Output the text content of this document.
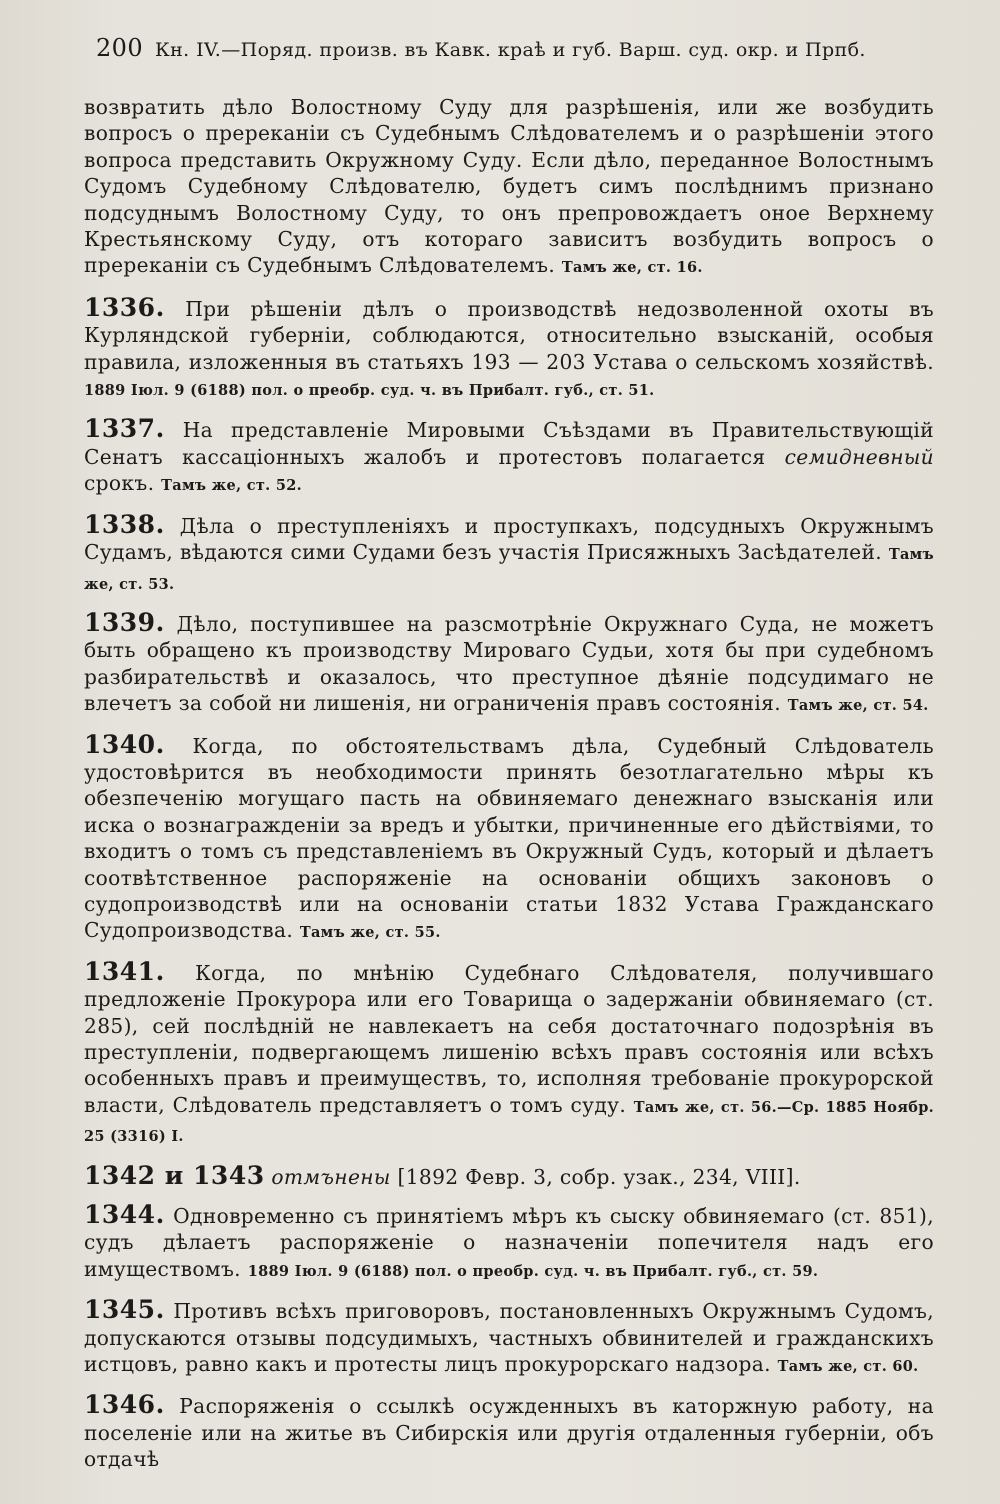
200 Кн. IV.—Поряд. произв. въ Кавк. краѣ и губ. Варш. суд. окр. и Прпб.

возвратить дѣло Волостному Суду для разрѣшенія, или же возбудить вопросъ о пререканіи съ Судебнымъ Слѣдователемъ и о разрѣшеніи этого вопроса представить Окружному Суду. Если дѣло, переданное Волостнымъ Судомъ Судебному Слѣдователю, будетъ симъ послѣднимъ признано подсуднымъ Волостному Суду, то онъ препровождаетъ оное Верхнему Крестьянскому Суду, отъ котораго зависитъ возбудить вопросъ о пререканіи съ Судебнымъ Слѣдователемъ. Тамъ же, ст. 16.

1336. При рѣшеніи дѣлъ о производствѣ недозволенной охоты въ Курляндской губерніи, соблюдаются, относительно взысканій, особыя правила, изложенныя въ статьяхъ 193 — 203 Устава о сельскомъ хозяйствѣ. 1889 Іюл. 9 (6188) пол. о преобр. суд. ч. въ Прибалт. губ., ст. 51.

1337. На представленіе Мировыми Съѣздами въ Правительствующій Сенатъ кассаціонныхъ жалобъ и протестовъ полагается семидневный срокъ. Тамъ же, ст. 52.

1338. Дѣла о преступленіяхъ и проступкахъ, подсудныхъ Окружнымъ Судамъ, вѣдаются сими Судами безъ участія Присяжныхъ Засѣдателей. Тамъ же, ст. 53.

1339. Дѣло, поступившее на разсмотрѣніе Окружнаго Суда, не можетъ быть обращено къ производству Мироваго Судьи, хотя бы при судебномъ разбирательствѣ и оказалось, что преступное дѣяніе подсудимаго не влечетъ за собой ни лишенія, ни ограниченія правъ состоянія. Тамъ же, ст. 54.

1340. Когда, по обстоятельствамъ дѣла, Судебный Слѣдователь удостовѣрится въ необходимости принять безотлагательно мѣры къ обезпеченію могущаго пасть на обвиняемаго денежнаго взысканія или иска о вознагражденіи за вредъ и убытки, причиненные его дѣйствіями, то входитъ о томъ съ представленіемъ въ Окружный Судъ, который и дѣлаетъ соотвѣтственное распоряженіе на основаніи общихъ законовъ о судопроизводствѣ или на основаніи статьи 1832 Устава Гражданскаго Судопроизводства. Тамъ же, ст. 55.

1341. Когда, по мнѣнію Судебнаго Слѣдователя, получившаго предложеніе Прокурора или его Товарища о задержаніи обвиняемаго (ст. 285), сей послѣдній не навлекаетъ на себя достаточнаго подозрѣнія въ преступленіи, подвергающемъ лишенію всѣхъ правъ состоянія или всѣхъ особенныхъ правъ и преимуществъ, то, исполняя требованіе прокурорской власти, Слѣдователь представляетъ о томъ суду. Тамъ же, ст. 56.—Ср. 1885 Ноябр. 25 (3316) I.

1342 и 1343 отмънены [1892 Февр. 3, собр. узак., 234, VIII].

1344. Одновременно съ принятіемъ мѣръ къ сыску обвиняемаго (ст. 851), судъ дѣлаетъ распоряженіе о назначеніи попечителя надъ его имуществомъ. 1889 Іюл. 9 (6188) пол. о преобр. суд. ч. въ Прибалт. губ., ст. 59.

1345. Противъ всѣхъ приговоровъ, постановленныхъ Окружнымъ Судомъ, допускаются отзывы подсудимыхъ, частныхъ обвинителей и гражданскихъ истцовъ, равно какъ и протесты лицъ прокурорскаго надзора. Тамъ же, ст. 60.

1346. Распоряженія о ссылкѣ осужденныхъ въ каторжную работу, на поселеніе или на житье въ Сибирскія или другія отдаленныя губерніи, объ отдачѣ
